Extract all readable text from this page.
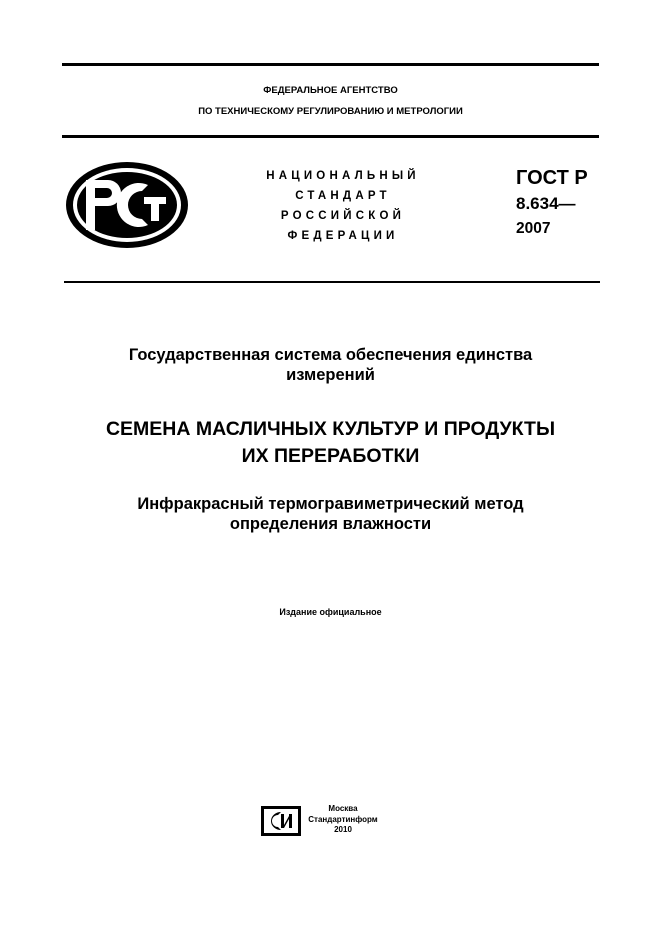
ФЕДЕРАЛЬНОЕ АГЕНТСТВО
ПО ТЕХНИЧЕСКОМУ РЕГУЛИРОВАНИЮ И МЕТРОЛОГИИ
НАЦИОНАЛЬНЫЙ
СТАНДАРТ
РОССИЙСКОЙ
ФЕДЕРАЦИИ
ГОСТ Р
8.634—
2007
Государственная система обеспечения единства
измерений
СЕМЕНА МАСЛИЧНЫХ КУЛЬТУР И ПРОДУКТЫ
ИХ ПЕРЕРАБОТКИ
Инфракрасный термогравиметрический метод
определения влажности
Издание официальное
Москва
Стандартинформ
2010
